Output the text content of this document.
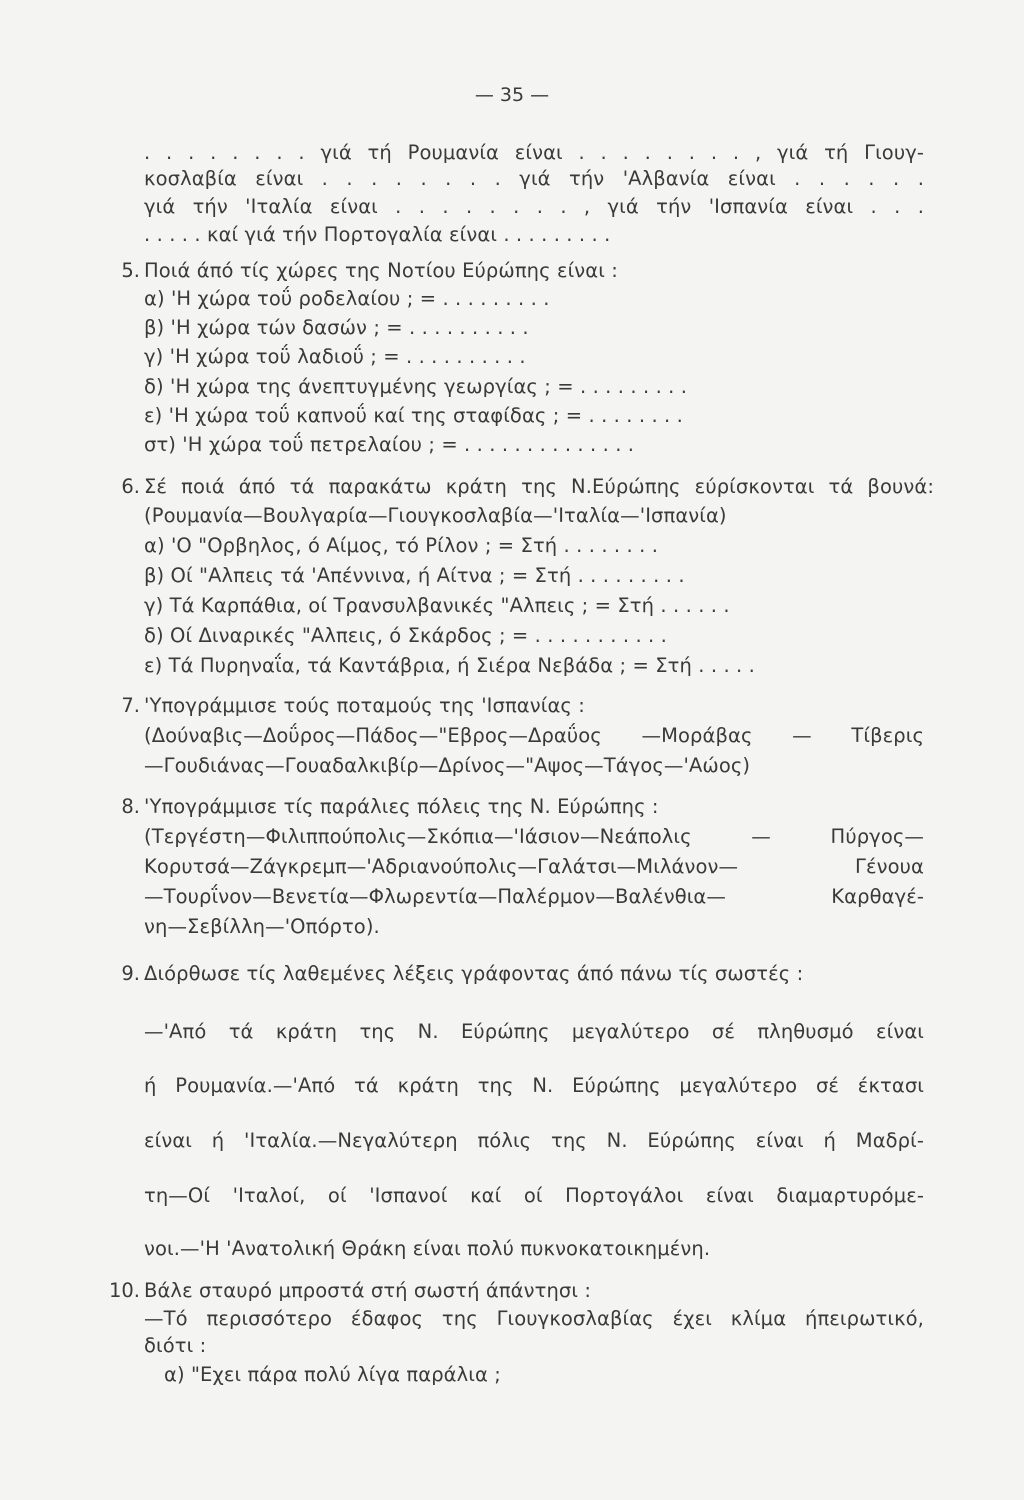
— 35 —
. . . . . . . . γιά τή Ρουμανία είναι . . . . . . . . , γιά τή Γιουγ-
κοσλαβία είναι . . . . . . . . γιά τήν 'Αλβανία είναι . . . . . .
γιά τήν 'Ιταλία είναι . . . . . . . . , γιά τήν 'Ισπανία είναι . . .
. . . . . καί γιά τήν Πορτογαλία είναι . . . . . . . . .
5. Ποιά άπό τίς χώρες της Νοτίου Εύρώπης είναι :
α) 'Η χώρα τοΰ ροδελαίου ; = . . . . . . . . .
β) 'Η χώρα τών δασών ; = . . . . . . . . . .
γ) 'Η χώρα τοΰ λαδιοΰ ; = . . . . . . . . . .
δ) 'Η χώρα της άνεπτυγμένης γεωργίας ; = . . . . . . . . .
ε) 'Η χώρα τοΰ καπνοΰ καί της σταφίδας ; = . . . . . . . .
στ) 'Η χώρα τοΰ πετρελαίου ; = . . . . . . . . . . . . . .
6. Σέ ποιά άπό τά παρακάτω κράτη της Ν.Εύρώπης εύρίσκονται τά βουνά:
(Ρουμανία—Βουλγαρία—Γιουγκοσλαβία—'Ιταλία—'Ισπανία)
α) 'Ο "Ορβηλος, ό Αίμος, τό Ρίλον ; = Στή . . . . . . . .
β) Οί "Αλπεις τά 'Απέννινα, ή Αίτνα ; = Στή . . . . . . . . .
γ) Τά Καρπάθια, οί Τρανσυλβανικές "Αλπεις ; = Στή . . . . . .
δ) Οί Διναρικές "Αλπεις, ό Σκάρδος ; = . . . . . . . . . . .
ε) Τά Πυρηναΐα, τά Καντάβρια, ή Σιέρα Νεβάδα ; = Στή . . . . .
7. 'Υπογράμμισε τούς ποταμούς της 'Ισπανίας :
(Δούναβις—Δοΰρος—Πάδος—"Εβρος—Δραΰος —Μοράβας — Τίβερις
—Γουδιάνας—Γουαδαλκιβίρ—Δρίνος—"Αψος—Τάγος—'Αώος)
8. 'Υπογράμμισε τίς παράλιες πόλεις της Ν. Εύρώπης :
(Τεργέστη—Φιλιππούπολις—Σκόπια—'Ιάσιον—Νεάπολις — Πύργος—
Κορυτσά—Ζάγκρεμπ—'Αδριανούπολις—Γαλάτσι—Μιλάνον— Γένουα
—Τουρΐνον—Βενετία—Φλωρεντία—Παλέρμον—Βαλένθια— Καρθαγέ-
νη—Σεβίλλη—'Οπόρτο).
9. Διόρθωσε τίς λαθεμένες λέξεις γράφοντας άπό πάνω τίς σωστές :
—'Από τά κράτη της Ν. Εύρώπης μεγαλύτερο σέ πληθυσμό είναι
ή Ρουμανία.—'Από τά κράτη της Ν. Εύρώπης μεγαλύτερο σέ έκτασι
είναι ή 'Ιταλία.—Νεγαλύτερη πόλις της Ν. Εύρώπης είναι ή Μαδρί-
τη—Οί 'Ιταλοί, οί 'Ισπανοί καί οί Πορτογάλοι είναι διαμαρτυρόμε-
νοι.—'Η 'Ανατολική Θράκη είναι πολύ πυκνοκατοικημένη.
10. Βάλε σταυρό μπροστά στή σωστή άπάντησι :
—Τό περισσότερο έδαφος της Γιουγκοσλαβίας έχει κλίμα ήπειρωτικό,
διότι :
α) "Εχει πάρα πολύ λίγα παράλια ;
